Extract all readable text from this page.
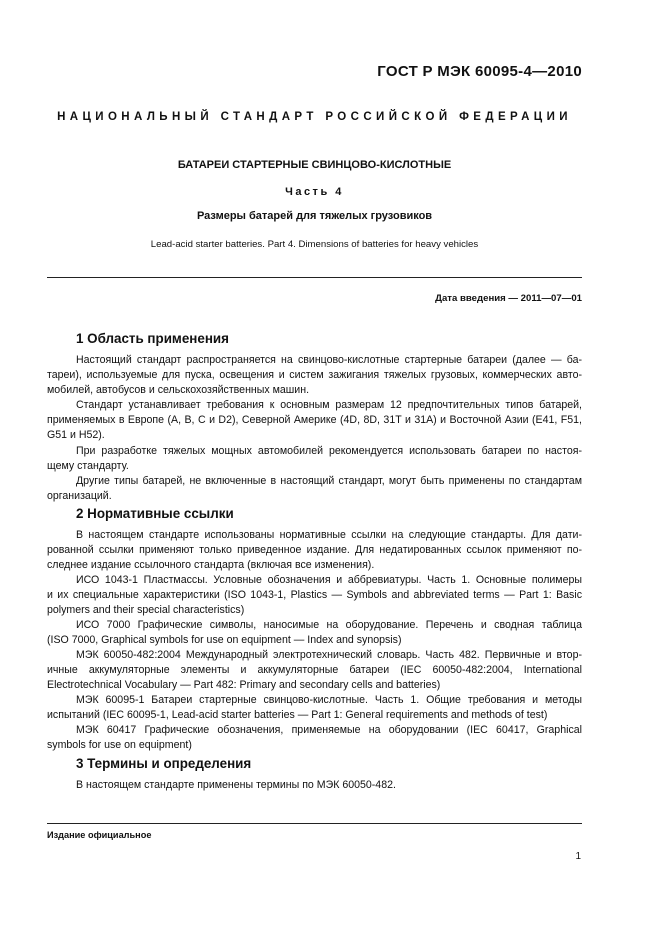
ГОСТ Р МЭК 60095-4—2010
НАЦИОНАЛЬНЫЙ СТАНДАРТ РОССИЙСКОЙ ФЕДЕРАЦИИ
БАТАРЕИ СТАРТЕРНЫЕ СВИНЦОВО-КИСЛОТНЫЕ
Часть 4
Размеры батарей для тяжелых грузовиков
Lead-acid starter batteries. Part 4. Dimensions of batteries for heavy vehicles
Дата введения — 2011—07—01
1 Область применения
Настоящий стандарт распространяется на свинцово-кислотные стартерные батареи (далее — ба-
тареи), используемые для пуска, освещения и систем зажигания тяжелых грузовых, коммерческих авто-
мобилей, автобусов и сельскохозяйственных машин.
Стандарт устанавливает требования к основным размерам 12 предпочтительных типов батарей,
применяемых в Европе (А, В, С и D2), Северной Америке (4D, 8D, 31T и 31А) и Восточной Азии (Е41, F51,
G51 и Н52).
При разработке тяжелых мощных автомобилей рекомендуется использовать батареи по настоя-
щему стандарту.
Другие типы батарей, не включенные в настоящий стандарт, могут быть применены по стандартам
организаций.
2 Нормативные ссылки
В настоящем стандарте использованы нормативные ссылки на следующие стандарты. Для дати-
рованной ссылки применяют только приведенное издание. Для недатированных ссылок применяют по-
следнее издание ссылочного стандарта (включая все изменения).
ИСО 1043-1 Пластмассы. Условные обозначения и аббревиатуры. Часть 1. Основные полимеры
и их специальные характеристики (ISO 1043-1, Plastics — Symbols and abbreviated terms — Part 1: Basic
polymers and their special characteristics)
ИСО 7000 Графические символы, наносимые на оборудование. Перечень и сводная таблица
(ISO 7000, Graphical symbols for use on equipment — Index and synopsis)
МЭК 60050-482:2004 Международный электротехнический словарь. Часть 482. Первичные и втор-
ичные аккумуляторные элементы и аккумуляторные батареи (IEC 60050-482:2004, International
Electrotechnical Vocabulary — Part 482: Primary and secondary cells and batteries)
МЭК 60095-1 Батареи стартерные свинцово-кислотные. Часть 1. Общие требования и методы
испытаний (IEC 60095-1, Lead-acid starter batteries — Part 1: General requirements and methods of test)
МЭК 60417 Графические обозначения, применяемые на оборудовании (IEC 60417, Graphical
symbols for use on equipment)
3 Термины и определения
В настоящем стандарте применены термины по МЭК 60050-482.
Издание официальное
1
